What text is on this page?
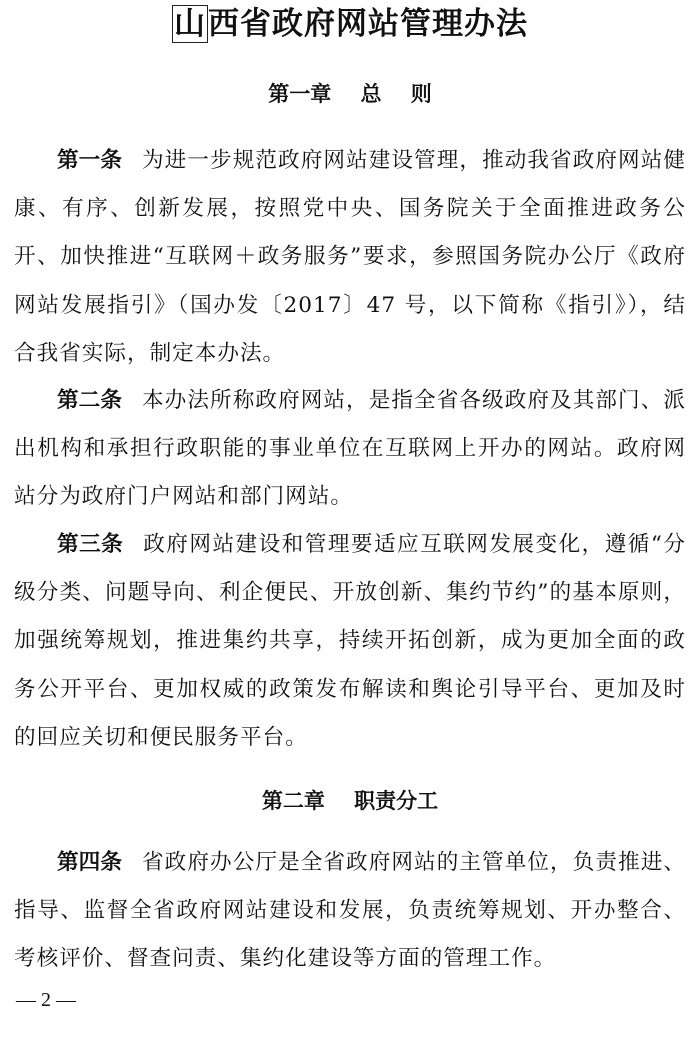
山西省政府网站管理办法
第一章    总    则
第一条 为进一步规范政府网站建设管理，推动我省政府网站健康、有序、创新发展，按照党中央、国务院关于全面推进政务公开、加快推进“互联网＋政务服务”要求，参照国务院办公厅《政府网站发展指引》（国办发〔2017〕47 号，以下简称《指引》），结合我省实际，制定本办法。
第二条 本办法所称政府网站，是指全省各级政府及其部门、派出机构和承担行政职能的事业单位在互联网上开办的网站。政府网站分为政府门户网站和部门网站。
第三条 政府网站建设和管理要适应互联网发展变化，遵循“分级分类、问题导向、利企便民、开放创新、集约节约”的基本原则，加强统筹规划，推进集约共享，持续开拓创新，成为更加全面的政务公开平台、更加权威的政策发布解读和舆论引导平台、更加及时的回应关切和便民服务平台。
第二章    职责分工
第四条 省政府办公厅是全省政府网站的主管单位，负责推进、指导、监督全省政府网站建设和发展，负责统筹规划、开办整合、考核评价、督查问责、集约化建设等方面的管理工作。
— 2 —
